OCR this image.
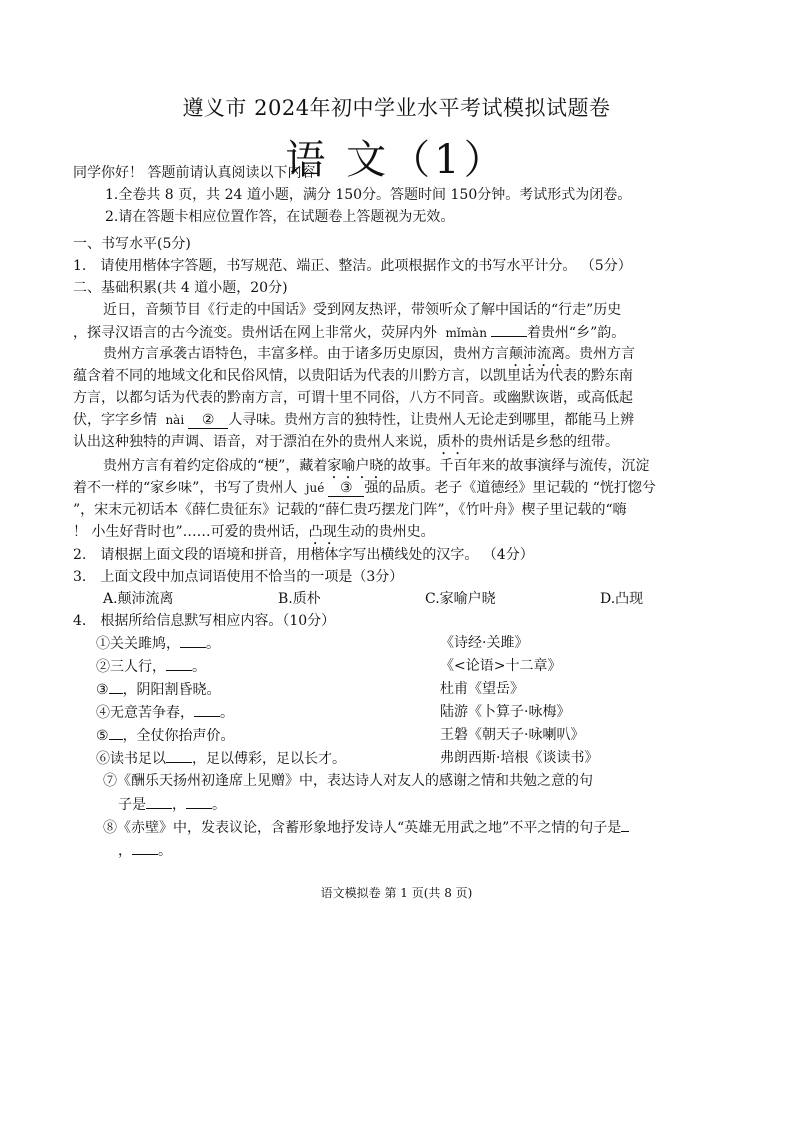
遵义市 2024年初中学业水平考试模拟试题卷
语 文（1）
同学你好！ 答题前请认真阅读以下内容：
1.全卷共 8 页，共 24 道小题，满分 150分。答题时间 150分钟。考试形式为闭卷。
2.请在答题卡相应位置作答，在试题卷上答题视为无效。
一、书写水平(5分)
1.　请使用楷体字答题，书写规范、端正、整洁。此项根据作文的书写水平计分。 （5分）
二、基础积累(共 4 道小题，20分)
近日，音频节目《行走的中国话》受到网友热评，带领听众了解中国话的“行走”历史
，探寻汉语言的古今流变。贵州话在网上非常火，荧屏内外 mǐmàn	着贵州“乡”韵。
贵州方言承袭古语特色，丰富多样。由于诸多历史原因，贵州方言颠沛流离。贵州方言
蕴含着不同的地域文化和民俗风情，以贵阳话为代表的川黔方言，以凯里话为代表的黔东南
方言，以都匀话为代表的黔南方言，可谓十里不同俗，八方不同音。或幽默诙谐，或高低起
伏，字字乡情 nài ② 人寻味。贵州方言的独特性，让贵州人无论走到哪里，都能马上辨
认出这种独特的声调、语音，对于漂泊在外的贵州人来说，质朴的贵州话是乡愁的纽带。
贵州方言有着约定俗成的“梗”，藏着家喻户晓的故事。千百年来的故事演绎与流传，沉淀
着不一样的“家乡味”，书写了贵州人 jué ③ 强的品质。老子《道德经》里记载的 “恍打惚兮
”，宋末元初话本《薛仁贵征东》记载的“薛仁贵巧摆龙门阵”，《竹叶舟》楔子里记载的“嗨
！ 小生好背时也”……可爱的贵州话，凸现生动的贵州史。
2.　请根据上面文段的语境和拼音，用楷体字写出横线处的汉字。 （4分）
3.　上面文段中加点词语使用不恰当的一项是（3分）
A.颠沛流离	B.质朴	C.家喻户晓	D.凸现
4.　根据所给信息默写相应内容。（10分）
①关关雎鸠， 。	《诗经·关雎》
②三人行， 。	《<论语>十二章》
③ ，阴阳割昏晓。	杜甫《望岳》
④无意苦争春， 。	陆游《卜算子·咏梅》
⑤ ，全仗你抬声价。	王磐《朝天子·咏喇叭》
⑥读书足以 ，足以傅彩，足以长才。	弗朗西斯·培根《谈读书》
⑦《酬乐天扬州初逢席上见赠》中，表达诗人对友人的感谢之情和共勉之意的句
子是 ， 。
⑧《赤壁》中，发表议论，含蓄形象地抒发诗人“英雄无用武之地”不平之情的句子是
， 。
语文模拟卷 第 1 页(共 8 页)
